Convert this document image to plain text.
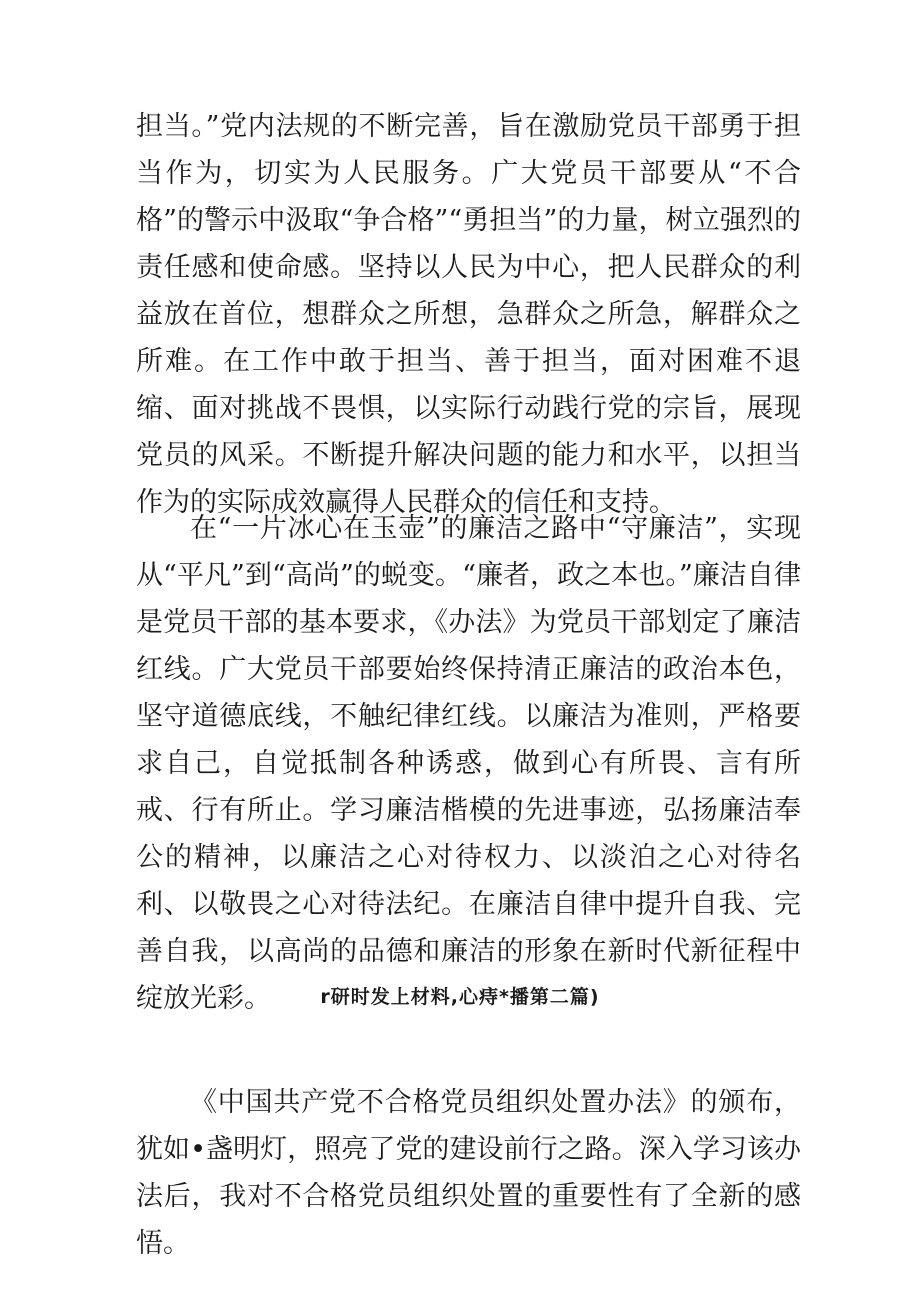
担当。”党内法规的不断完善，旨在激励党员干部勇于担当作为，切实为人民服务。广大党员干部要从“不合格”的警示中汲取“争合格”“勇担当”的力量，树立强烈的责任感和使命感。坚持以人民为中心，把人民群众的利益放在首位，想群众之所想，急群众之所急，解群众之所难。在工作中敢于担当、善于担当，面对困难不退缩、面对挑战不畏惧，以实际行动践行党的宗旨，展现党员的风采。不断提升解决问题的能力和水平，以担当作为的实际成效赢得人民群众的信任和支持。

在“一片冰心在玉壶”的廉洁之路中“守廉洁”，实现从“平凡”到“高尚”的蜕变。“廉者，政之本也。”廉洁自律是党员干部的基本要求，《办法》为党员干部划定了廉洁红线。广大党员干部要始终保持清正廉洁的政治本色，坚守道德底线，不触纪律红线。以廉洁为准则，严格要求自己，自觉抵制各种诱惑，做到心有所畏、言有所戒、行有所止。学习廉洁楷模的先进事迹，弘扬廉洁奉公的精神，以廉洁之心对待权力、以淡泊之心对待名利、以敬畏之心对待法纪。在廉洁自律中提升自我、完善自我，以高尚的品德和廉洁的形象在新时代新征程中绽放光彩。	r研时发上材料,心痔*播第二篇)

《中国共产党不合格党员组织处置办法》的颁布，犹如•盏明灯，照亮了党的建设前行之路。深入学习该办法后，我对不合格党员组织处置的重要性有了全新的感悟。
